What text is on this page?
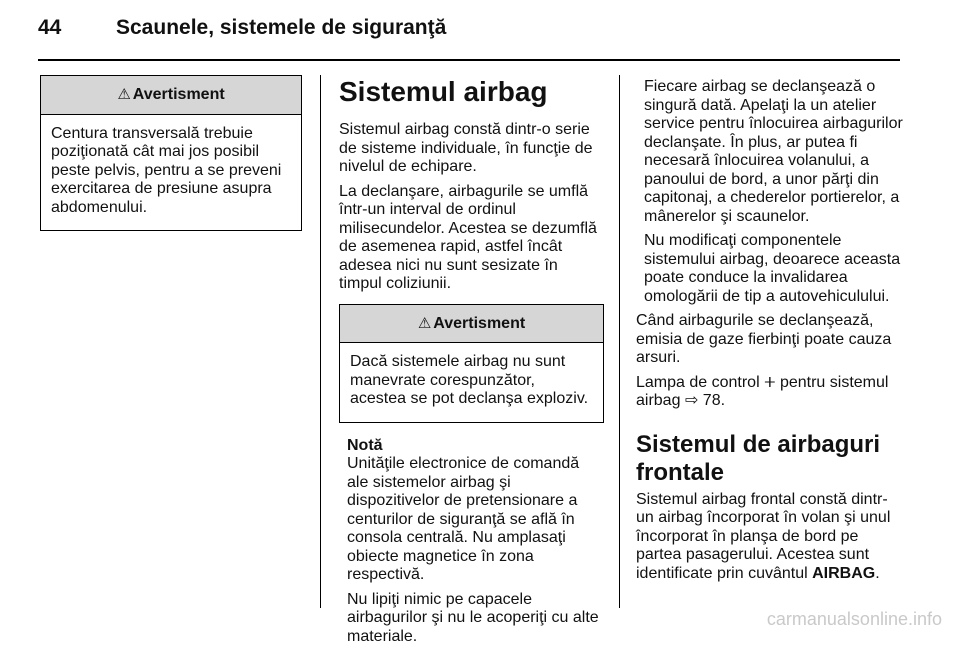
44	Scaunele, sistemele de siguranţă
⚠ Avertisment
Centura transversală trebuie poziţionată cât mai jos posibil peste pelvis, pentru a se preveni exercitarea de presiune asupra abdomenului.
Sistemul airbag

Sistemul airbag constă dintr-o serie de sisteme individuale, în funcţie de nivelul de echipare.

La declanşare, airbagurile se umflă într-un interval de ordinul milisecundelor. Acestea se dezumflă de asemenea rapid, astfel încât adesea nici nu sunt sesizate în timpul coliziunii.

⚠ Avertisment
Dacă sistemele airbag nu sunt manevrate corespunzător, acestea se pot declanşa exploziv.
Notă

Unităţile electronice de comandă ale sistemelor airbag şi dispozitivelor de pretensionare a centurilor de siguranţă se află în consola centrală. Nu amplasaţi obiecte magnetice în zona respectivă.

Nu lipiţi nimic pe capacele airbagurilor şi nu le acoperiţi cu alte materiale.

Fiecare airbag se declanşează o singură dată. Apelaţi la un atelier service pentru înlocuirea airbagurilor declanşate. În plus, ar putea fi necesară înlocuirea volanului, a panoului de bord, a unor părţi din capitonaj, a chederelor portierelor, a mânerelor şi scaunelor.

Nu modificaţi componentele sistemului airbag, deoarece aceasta poate conduce la invalidarea omologării de tip a autovehiculului.

Când airbagurile se declanşează, emisia de gaze fierbinţi poate cauza arsuri.

Lampa de control 🞤 pentru sistemul airbag ⇨ 78.

Sistemul de airbaguri frontale

Sistemul airbag frontal constă dintr-un airbag încorporat în volan şi unul încorporat în planşa de bord pe partea pasagerului. Acestea sunt identificate prin cuvântul AIRBAG.

carmanualsonline.info
